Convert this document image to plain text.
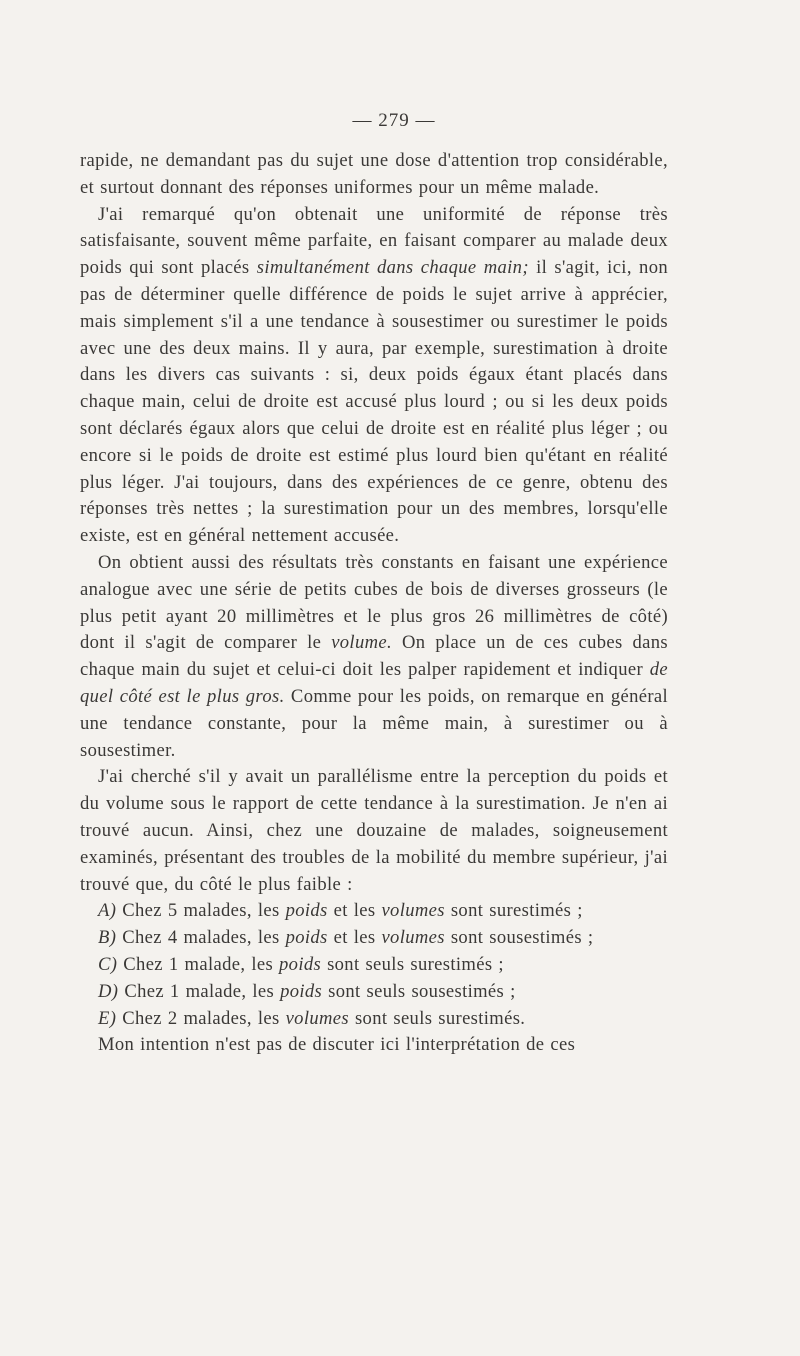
— 279 —

rapide, ne demandant pas du sujet une dose d'attention trop considérable, et surtout donnant des réponses uniformes pour un même malade.

J'ai remarqué qu'on obtenait une uniformité de réponse très satisfaisante, souvent même parfaite, en faisant comparer au malade deux poids qui sont placés simultanément dans chaque main; il s'agit, ici, non pas de déterminer quelle différence de poids le sujet arrive à apprécier, mais simplement s'il a une tendance à sousestimer ou surestimer le poids avec une des deux mains. Il y aura, par exemple, surestimation à droite dans les divers cas suivants : si, deux poids égaux étant placés dans chaque main, celui de droite est accusé plus lourd ; ou si les deux poids sont déclarés égaux alors que celui de droite est en réalité plus léger ; ou encore si le poids de droite est estimé plus lourd bien qu'étant en réalité plus léger. J'ai toujours, dans des expériences de ce genre, obtenu des réponses très nettes ; la surestimation pour un des membres, lorsqu'elle existe, est en général nettement accusée.

On obtient aussi des résultats très constants en faisant une expérience analogue avec une série de petits cubes de bois de diverses grosseurs (le plus petit ayant 20 millimètres et le plus gros 26 millimètres de côté) dont il s'agit de comparer le volume. On place un de ces cubes dans chaque main du sujet et celui-ci doit les palper rapidement et indiquer de quel côté est le plus gros. Comme pour les poids, on remarque en général une tendance constante, pour la même main, à surestimer ou à sousestimer.

J'ai cherché s'il y avait un parallélisme entre la perception du poids et du volume sous le rapport de cette tendance à la surestimation. Je n'en ai trouvé aucun. Ainsi, chez une douzaine de malades, soigneusement examinés, présentant des troubles de la mobilité du membre supérieur, j'ai trouvé que, du côté le plus faible :

A) Chez 5 malades, les poids et les volumes sont surestimés ;

B) Chez 4 malades, les poids et les volumes sont sousestimés ;

C) Chez 1 malade, les poids sont seuls surestimés ;

D) Chez 1 malade, les poids sont seuls sousestimés ;

E) Chez 2 malades, les volumes sont seuls surestimés.

Mon intention n'est pas de discuter ici l'interprétation de ces
